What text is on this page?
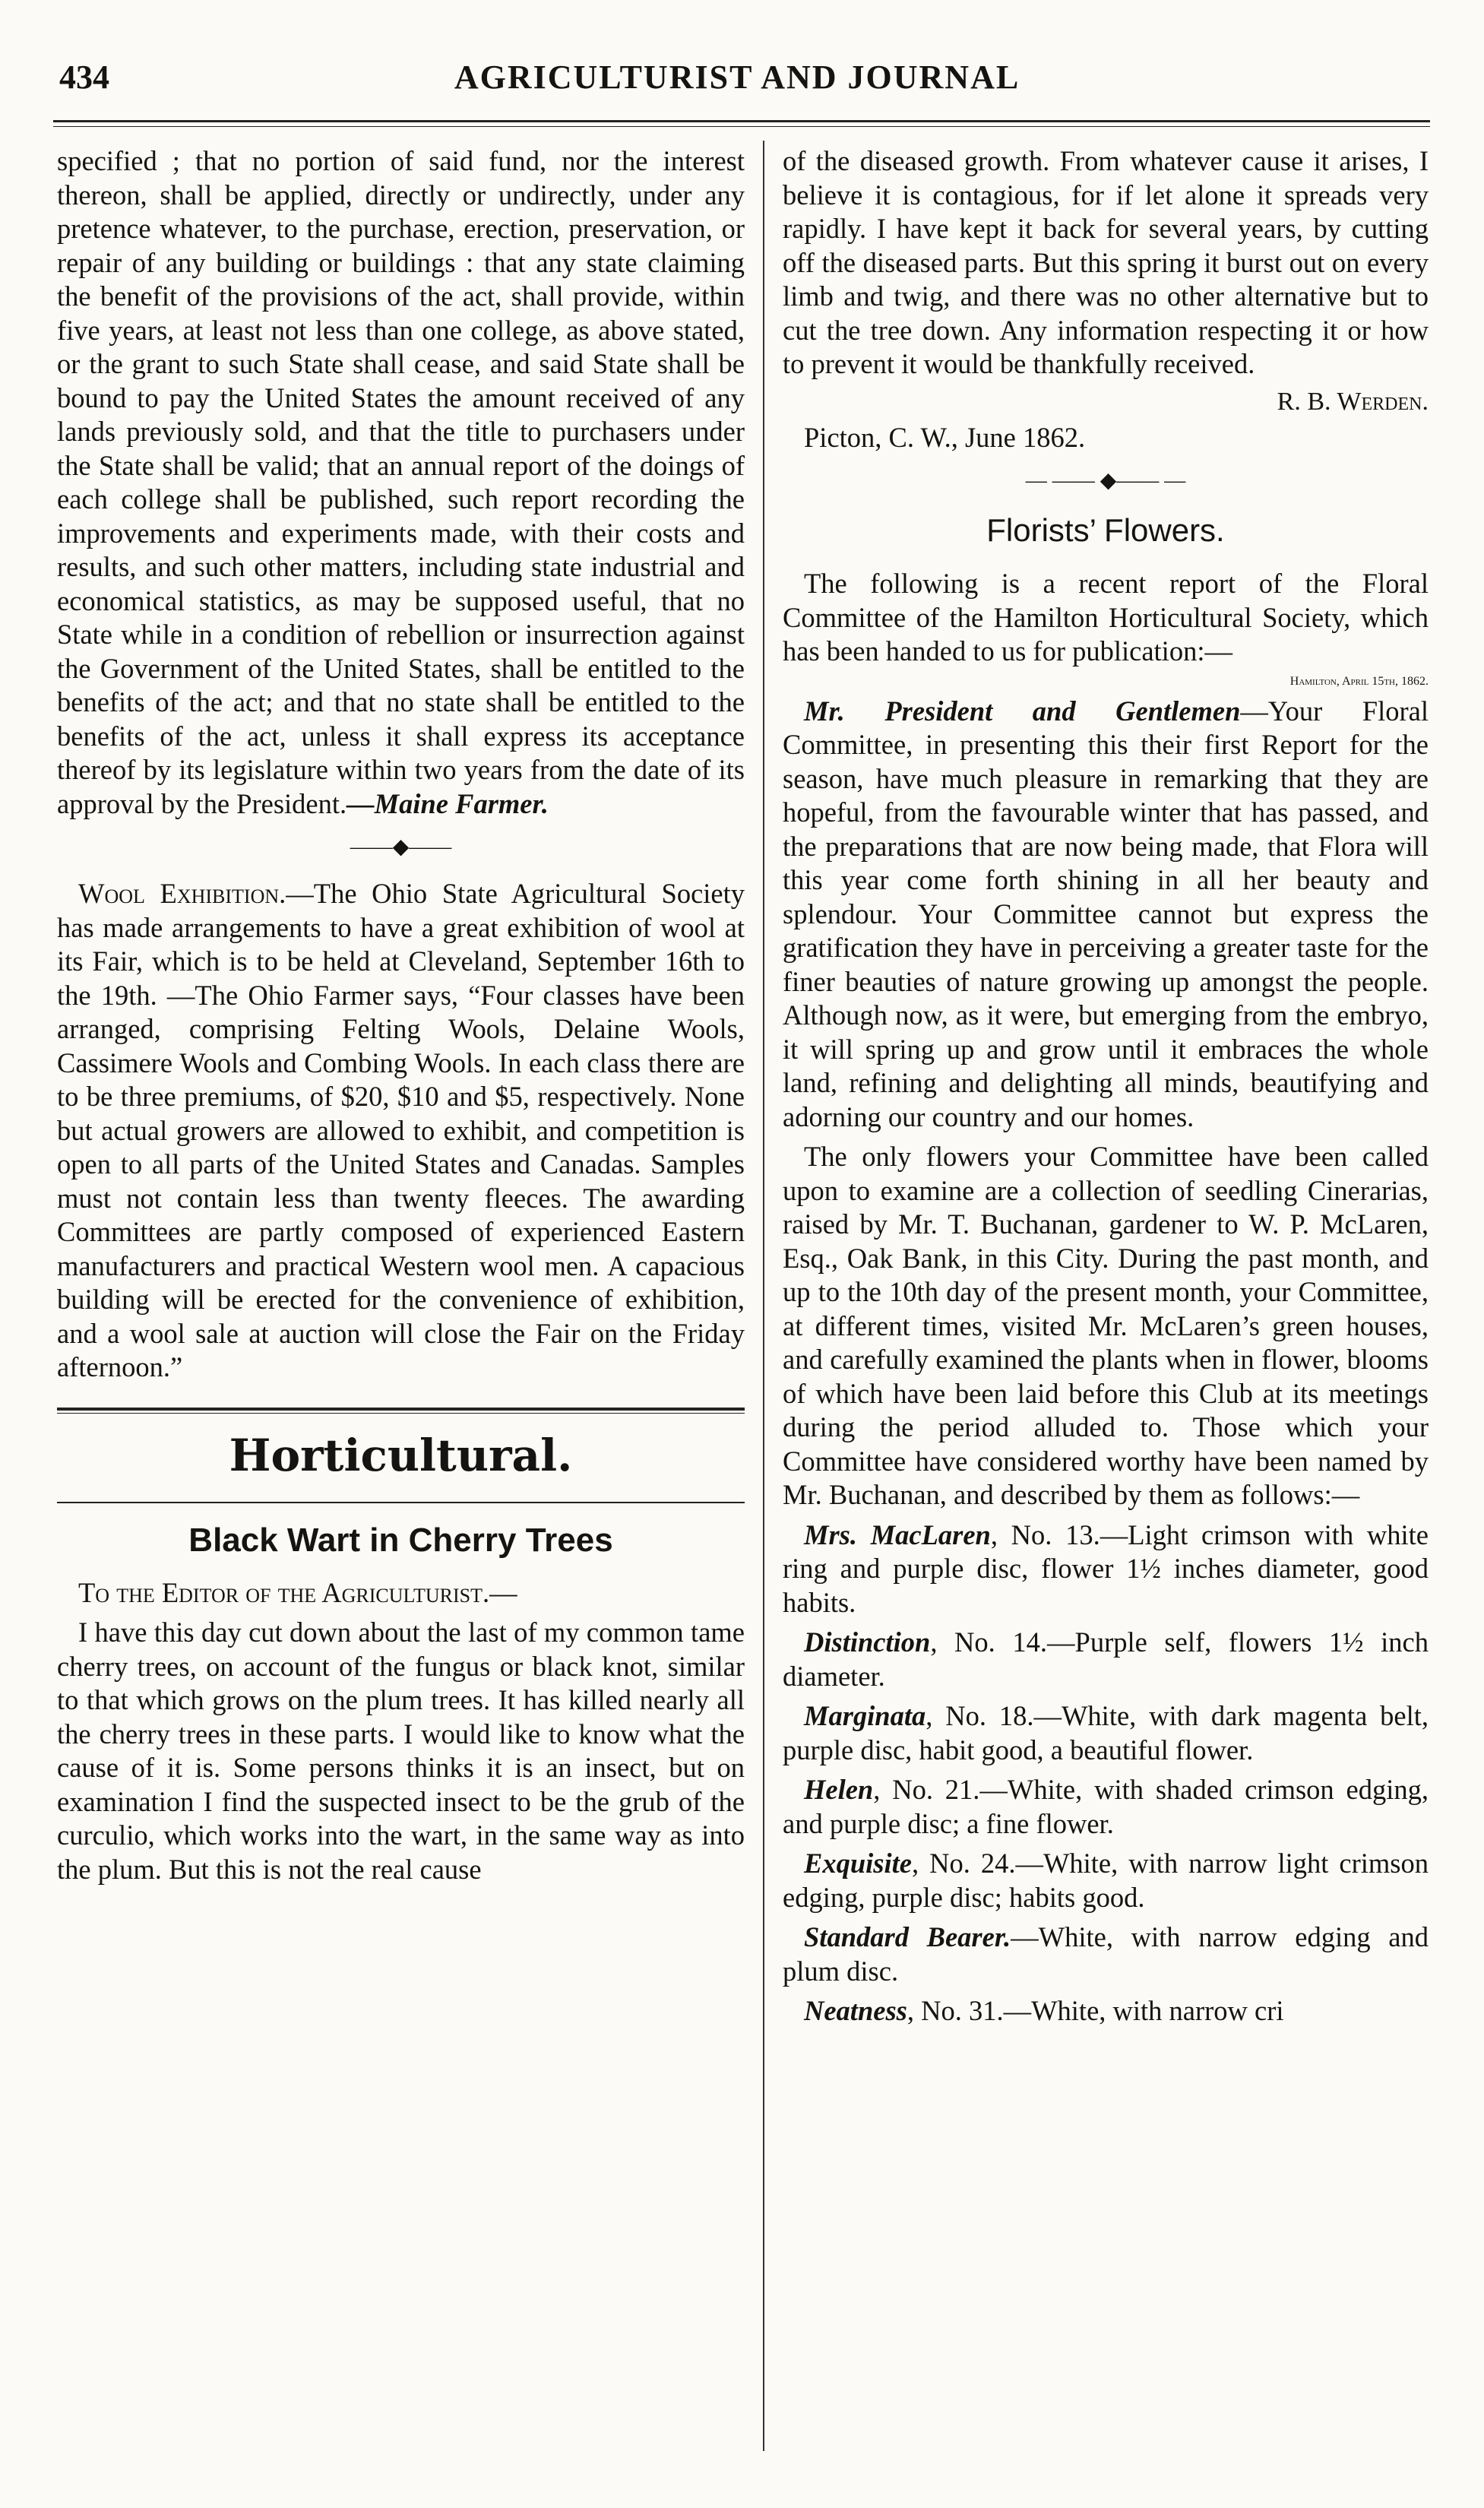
434	AGRICULTURIST AND JOURNAL

specified ; that no portion of said fund, nor the interest thereon, shall be applied, directly or undirectly, under any pretence whatever, to the purchase, erection, preservation, or repair of any building or buildings : that any state claiming the benefit of the provisions of the act, shall provide, within five years, at least not less than one college, as above stated, or the grant to such State shall cease, and said State shall be bound to pay the United States the amount received of any lands previously sold, and that the title to purchasers under the State shall be valid; that an annual report of the doings of each college shall be published, such report recording the improvements and experiments made, with their costs and results, and such other matters, including state industrial and economical statistics, as may be supposed useful, that no State while in a condition of rebellion or insurrection against the Government of the United States, shall be entitled to the benefits of the act; and that no state shall be entitled to the benefits of the act, unless it shall express its acceptance thereof by its legislature within two years from the date of its approval by the President.—Maine Farmer.

——◆——

Wool Exhibition.—The Ohio State Agricultural Society has made arrangements to have a great exhibition of wool at its Fair, which is to be held at Cleveland, September 16th to the 19th. —The Ohio Farmer says, “Four classes have been arranged, comprising Felting Wools, Delaine Wools, Cassimere Wools and Combing Wools. In each class there are to be three premiums, of $20, $10 and $5, respectively. None but actual growers are allowed to exhibit, and competition is open to all parts of the United States and Canadas. Samples must not contain less than twenty fleeces. The awarding Committees are partly composed of experienced Eastern manufacturers and practical Western wool men. A capacious building will be erected for the convenience of exhibition, and a wool sale at auction will close the Fair on the Friday afternoon.”

Horticultural.
Black Wart in Cherry Trees

To the Editor of the Agriculturist.—

I have this day cut down about the last of my common tame cherry trees, on account of the fungus or black knot, similar to that which grows on the plum trees. It has killed nearly all the cherry trees in these parts. I would like to know what the cause of it is. Some persons thinks it is an insect, but on examination I find the suspected insect to be the grub of the curculio, which works into the wart, in the same way as into the plum. But this is not the real cause

of the diseased growth. From whatever cause it arises, I believe it is contagious, for if let alone it spreads very rapidly. I have kept it back for several years, by cutting off the diseased parts. But this spring it burst out on every limb and twig, and there was no other alternative but to cut the tree down. Any information respecting it or how to prevent it would be thankfully received.

R. B. Werden.

Picton, C. W., June 1862.

— —— ◆—— —
Florists’ Flowers.

The following is a recent report of the Floral Committee of the Hamilton Horticultural Society, which has been handed to us for publication:—

Hamilton, April 15th, 1862.

Mr. President and Gentlemen—Your Floral Committee, in presenting this their first Report for the season, have much pleasure in remarking that they are hopeful, from the favourable winter that has passed, and the preparations that are now being made, that Flora will this year come forth shining in all her beauty and splendour. Your Committee cannot but express the gratification they have in perceiving a greater taste for the finer beauties of nature growing up amongst the people. Although now, as it were, but emerging from the embryo, it will spring up and grow until it embraces the whole land, refining and delighting all minds, beautifying and adorning our country and our homes.

The only flowers your Committee have been called upon to examine are a collection of seedling Cinerarias, raised by Mr. T. Buchanan, gardener to W. P. McLaren, Esq., Oak Bank, in this City. During the past month, and up to the 10th day of the present month, your Committee, at different times, visited Mr. McLaren’s green houses, and carefully examined the plants when in flower, blooms of which have been laid before this Club at its meetings during the period alluded to. Those which your Committee have considered worthy have been named by Mr. Buchanan, and described by them as follows:—

Mrs. MacLaren, No. 13.—Light crimson with white ring and purple disc, flower 1½ inches diameter, good habits.

Distinction, No. 14.—Purple self, flowers 1½ inch diameter.

Marginata, No. 18.—White, with dark magenta belt, purple disc, habit good, a beautiful flower.

Helen, No. 21.—White, with shaded crimson edging, and purple disc; a fine flower.

Exquisite, No. 24.—White, with narrow light crimson edging, purple disc; habits good.

Standard Bearer.—White, with narrow edging and plum disc.

Neatness, No. 31.—White, with narrow cri
